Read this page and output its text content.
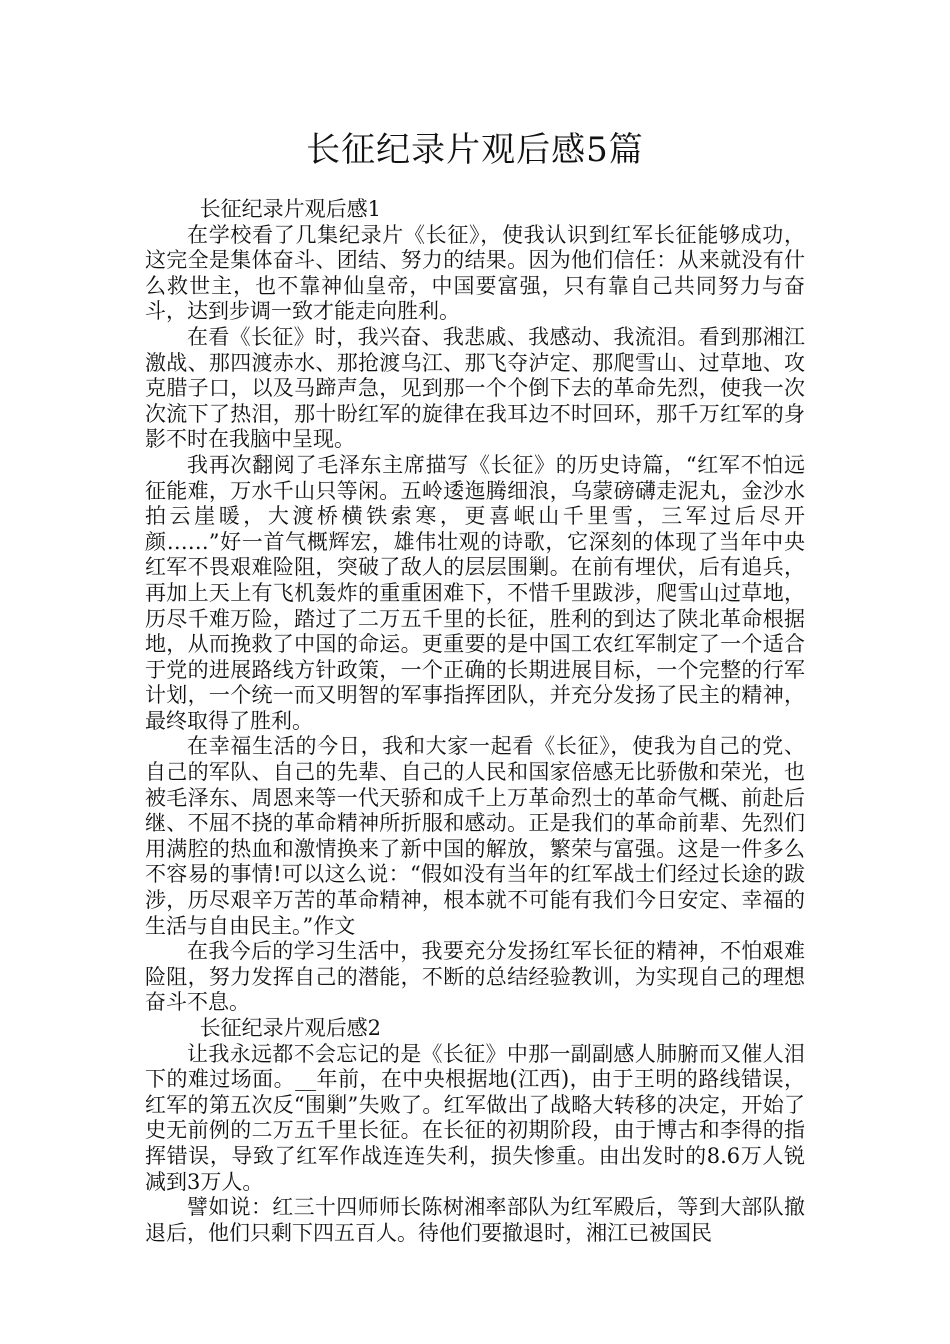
长征纪录片观后感5篇

长征纪录片观后感1

在学校看了几集纪录片《长征》，使我认识到红军长征能够成功，这完全是集体奋斗、团结、努力的结果。因为他们信任：从来就没有什么救世主，也不靠神仙皇帝，中国要富强，只有靠自己共同努力与奋斗，达到步调一致才能走向胜利。

在看《长征》时，我兴奋、我悲戚、我感动、我流泪。看到那湘江激战、那四渡赤水、那抢渡乌江、那飞夺泸定、那爬雪山、过草地、攻克腊子口，以及马蹄声急，见到那一个个倒下去的革命先烈，使我一次次流下了热泪，那十盼红军的旋律在我耳边不时回环，那千万红军的身影不时在我脑中呈现。

我再次翻阅了毛泽东主席描写《长征》的历史诗篇，“红军不怕远征能难，万水千山只等闲。五岭逶迤腾细浪，乌蒙磅礴走泥丸，金沙水拍云崖暖，大渡桥横铁索寒，更喜岷山千里雪，三军过后尽开颜……”好一首气概辉宏，雄伟壮观的诗歌，它深刻的体现了当年中央红军不畏艰难险阻，突破了敌人的层层围剿。在前有埋伏，后有追兵，再加上天上有飞机轰炸的重重困难下，不惜千里跋涉，爬雪山过草地，历尽千难万险，踏过了二万五千里的长征，胜利的到达了陕北革命根据地，从而挽救了中国的命运。更重要的是中国工农红军制定了一个适合于党的进展路线方针政策，一个正确的长期进展目标，一个完整的行军计划，一个统一而又明智的军事指挥团队，并充分发扬了民主的精神，最终取得了胜利。

在幸福生活的今日，我和大家一起看《长征》，使我为自己的党、自己的军队、自己的先辈、自己的人民和国家倍感无比骄傲和荣光，也被毛泽东、周恩来等一代天骄和成千上万革命烈士的革命气概、前赴后继、不屈不挠的革命精神所折服和感动。正是我们的革命前辈、先烈们用满腔的热血和激情换来了新中国的解放，繁荣与富强。这是一件多么不容易的事情!可以这么说：“假如没有当年的红军战士们经过长途的跋涉，历尽艰辛万苦的革命精神，根本就不可能有我们今日安定、幸福的生活与自由民主。”作文

在我今后的学习生活中，我要充分发扬红军长征的精神，不怕艰难险阻，努力发挥自己的潜能，不断的总结经验教训，为实现自己的理想奋斗不息。

长征纪录片观后感2

让我永远都不会忘记的是《长征》中那一副副感人肺腑而又催人泪下的难过场面。__年前，在中央根据地(江西)，由于王明的路线错误，红军的第五次反“围剿”失败了。红军做出了战略大转移的决定，开始了史无前例的二万五千里长征。在长征的初期阶段，由于博古和李得的指挥错误，导致了红军作战连连失利，损失惨重。由出发时的8.6万人锐减到3万人。

譬如说：红三十四师师长陈树湘率部队为红军殿后，等到大部队撤退后，他们只剩下四五百人。待他们要撤退时，湘江已被国民
